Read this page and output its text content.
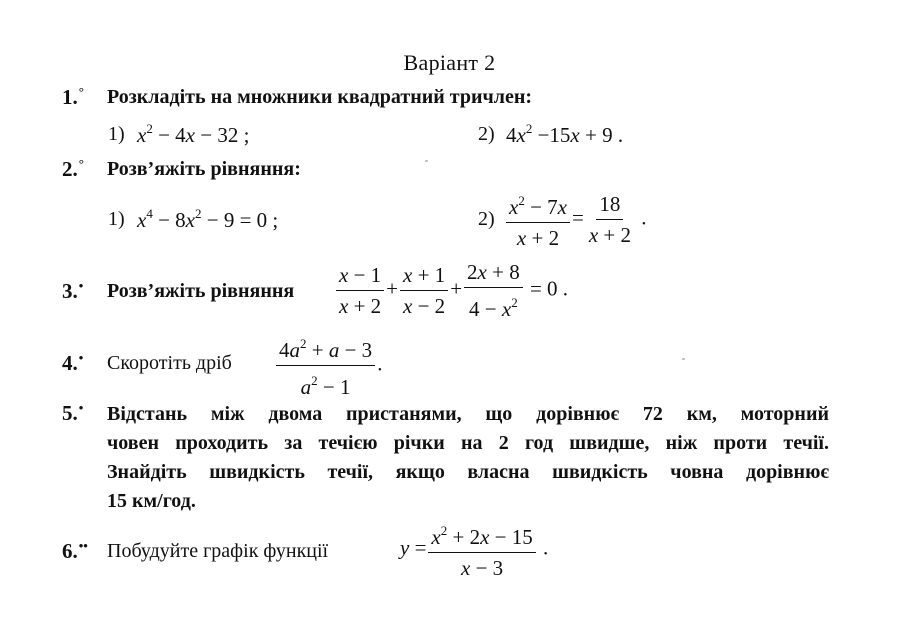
Варіант 2
1.° Розкладіть на множники квадратний тричлен:
1) $x^2 - 4x - 32$ ;	2) $4x^2 -15x + 9$ .
2.° Розв’яжіть рівняння:
1) $x^4 - 8x^2 - 9 = 0$ ;	$2) \frac{x^2 - 7x}{x + 2} = \frac{18}{x + 2}$ .
3.• Розв’яжіть рівняння $\frac{x - 1}{x + 2} + \frac{x + 1}{x - 2} + \frac{2x + 8}{4 - x^2} = 0$ .
4.• Скоротіть дріб $\frac{4a^2 + a - 3}{a^2 - 1}$ .
5.• Відстань між двома пристанями, що дорівнює 72 км, моторний
човен проходить за течією річки на 2 год швидше, ніж проти течії.
Знайдіть швидкість течії, якщо власна швидкість човна дорівнює
15 км/год.
6.•• Побудуйте графік функції	$y = \frac{x^2 + 2x - 15}{x - 3}$ .
